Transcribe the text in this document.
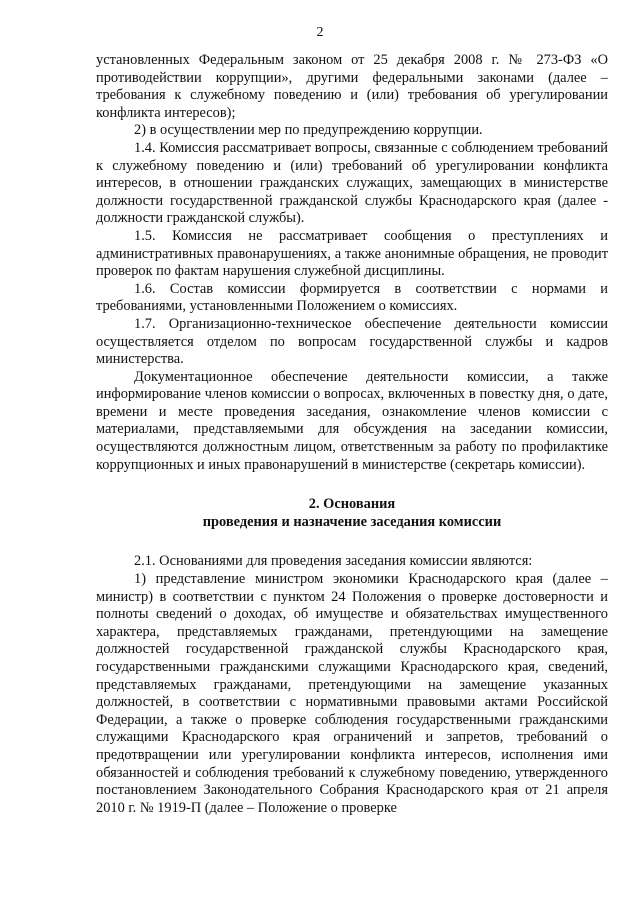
2

установленных Федеральным законом от 25 декабря 2008 г. № 273-ФЗ «О противодействии коррупции», другими федеральными законами (далее – требования к служебному поведению и (или) требования об урегулировании конфликта интересов);

2) в осуществлении мер по предупреждению коррупции.

1.4. Комиссия рассматривает вопросы, связанные с соблюдением требований к служебному поведению и (или) требований об урегулировании конфликта интересов, в отношении гражданских служащих, замещающих в министерстве должности государственной гражданской службы Краснодарского края (далее - должности гражданской службы).

1.5. Комиссия не рассматривает сообщения о преступлениях и административных правонарушениях, а также анонимные обращения, не проводит проверок по фактам нарушения служебной дисциплины.

1.6. Состав комиссии формируется в соответствии с нормами и требованиями, установленными Положением о комиссиях.

1.7. Организационно-техническое обеспечение деятельности комиссии осуществляется отделом по вопросам государственной службы и кадров министерства.

Документационное обеспечение деятельности комиссии, а также информирование членов комиссии о вопросах, включенных в повестку дня, о дате, времени и месте проведения заседания, ознакомление членов комиссии с материалами, представляемыми для обсуждения на заседании комиссии, осуществляются должностным лицом, ответственным за работу по профилактике коррупционных и иных правонарушений в министерстве (секретарь комиссии).

2. Основания
проведения и назначение заседания комиссии

2.1. Основаниями для проведения заседания комиссии являются:

1) представление министром экономики Краснодарского края (далее – министр) в соответствии с пунктом 24 Положения о проверке достоверности и полноты сведений о доходах, об имуществе и обязательствах имущественного характера, представляемых гражданами, претендующими на замещение должностей государственной гражданской службы Краснодарского края, государственными гражданскими служащими Краснодарского края, сведений, представляемых гражданами, претендующими на замещение указанных должностей, в соответствии с нормативными правовыми актами Российской Федерации, а также о проверке соблюдения государственными гражданскими служащими Краснодарского края ограничений и запретов, требований о предотвращении или урегулировании конфликта интересов, исполнения ими обязанностей и соблюдения требований к служебному поведению, утвержденного постановлением Законодательного Собрания Краснодарского края от 21 апреля 2010 г. № 1919-П (далее – Положение о проверке
